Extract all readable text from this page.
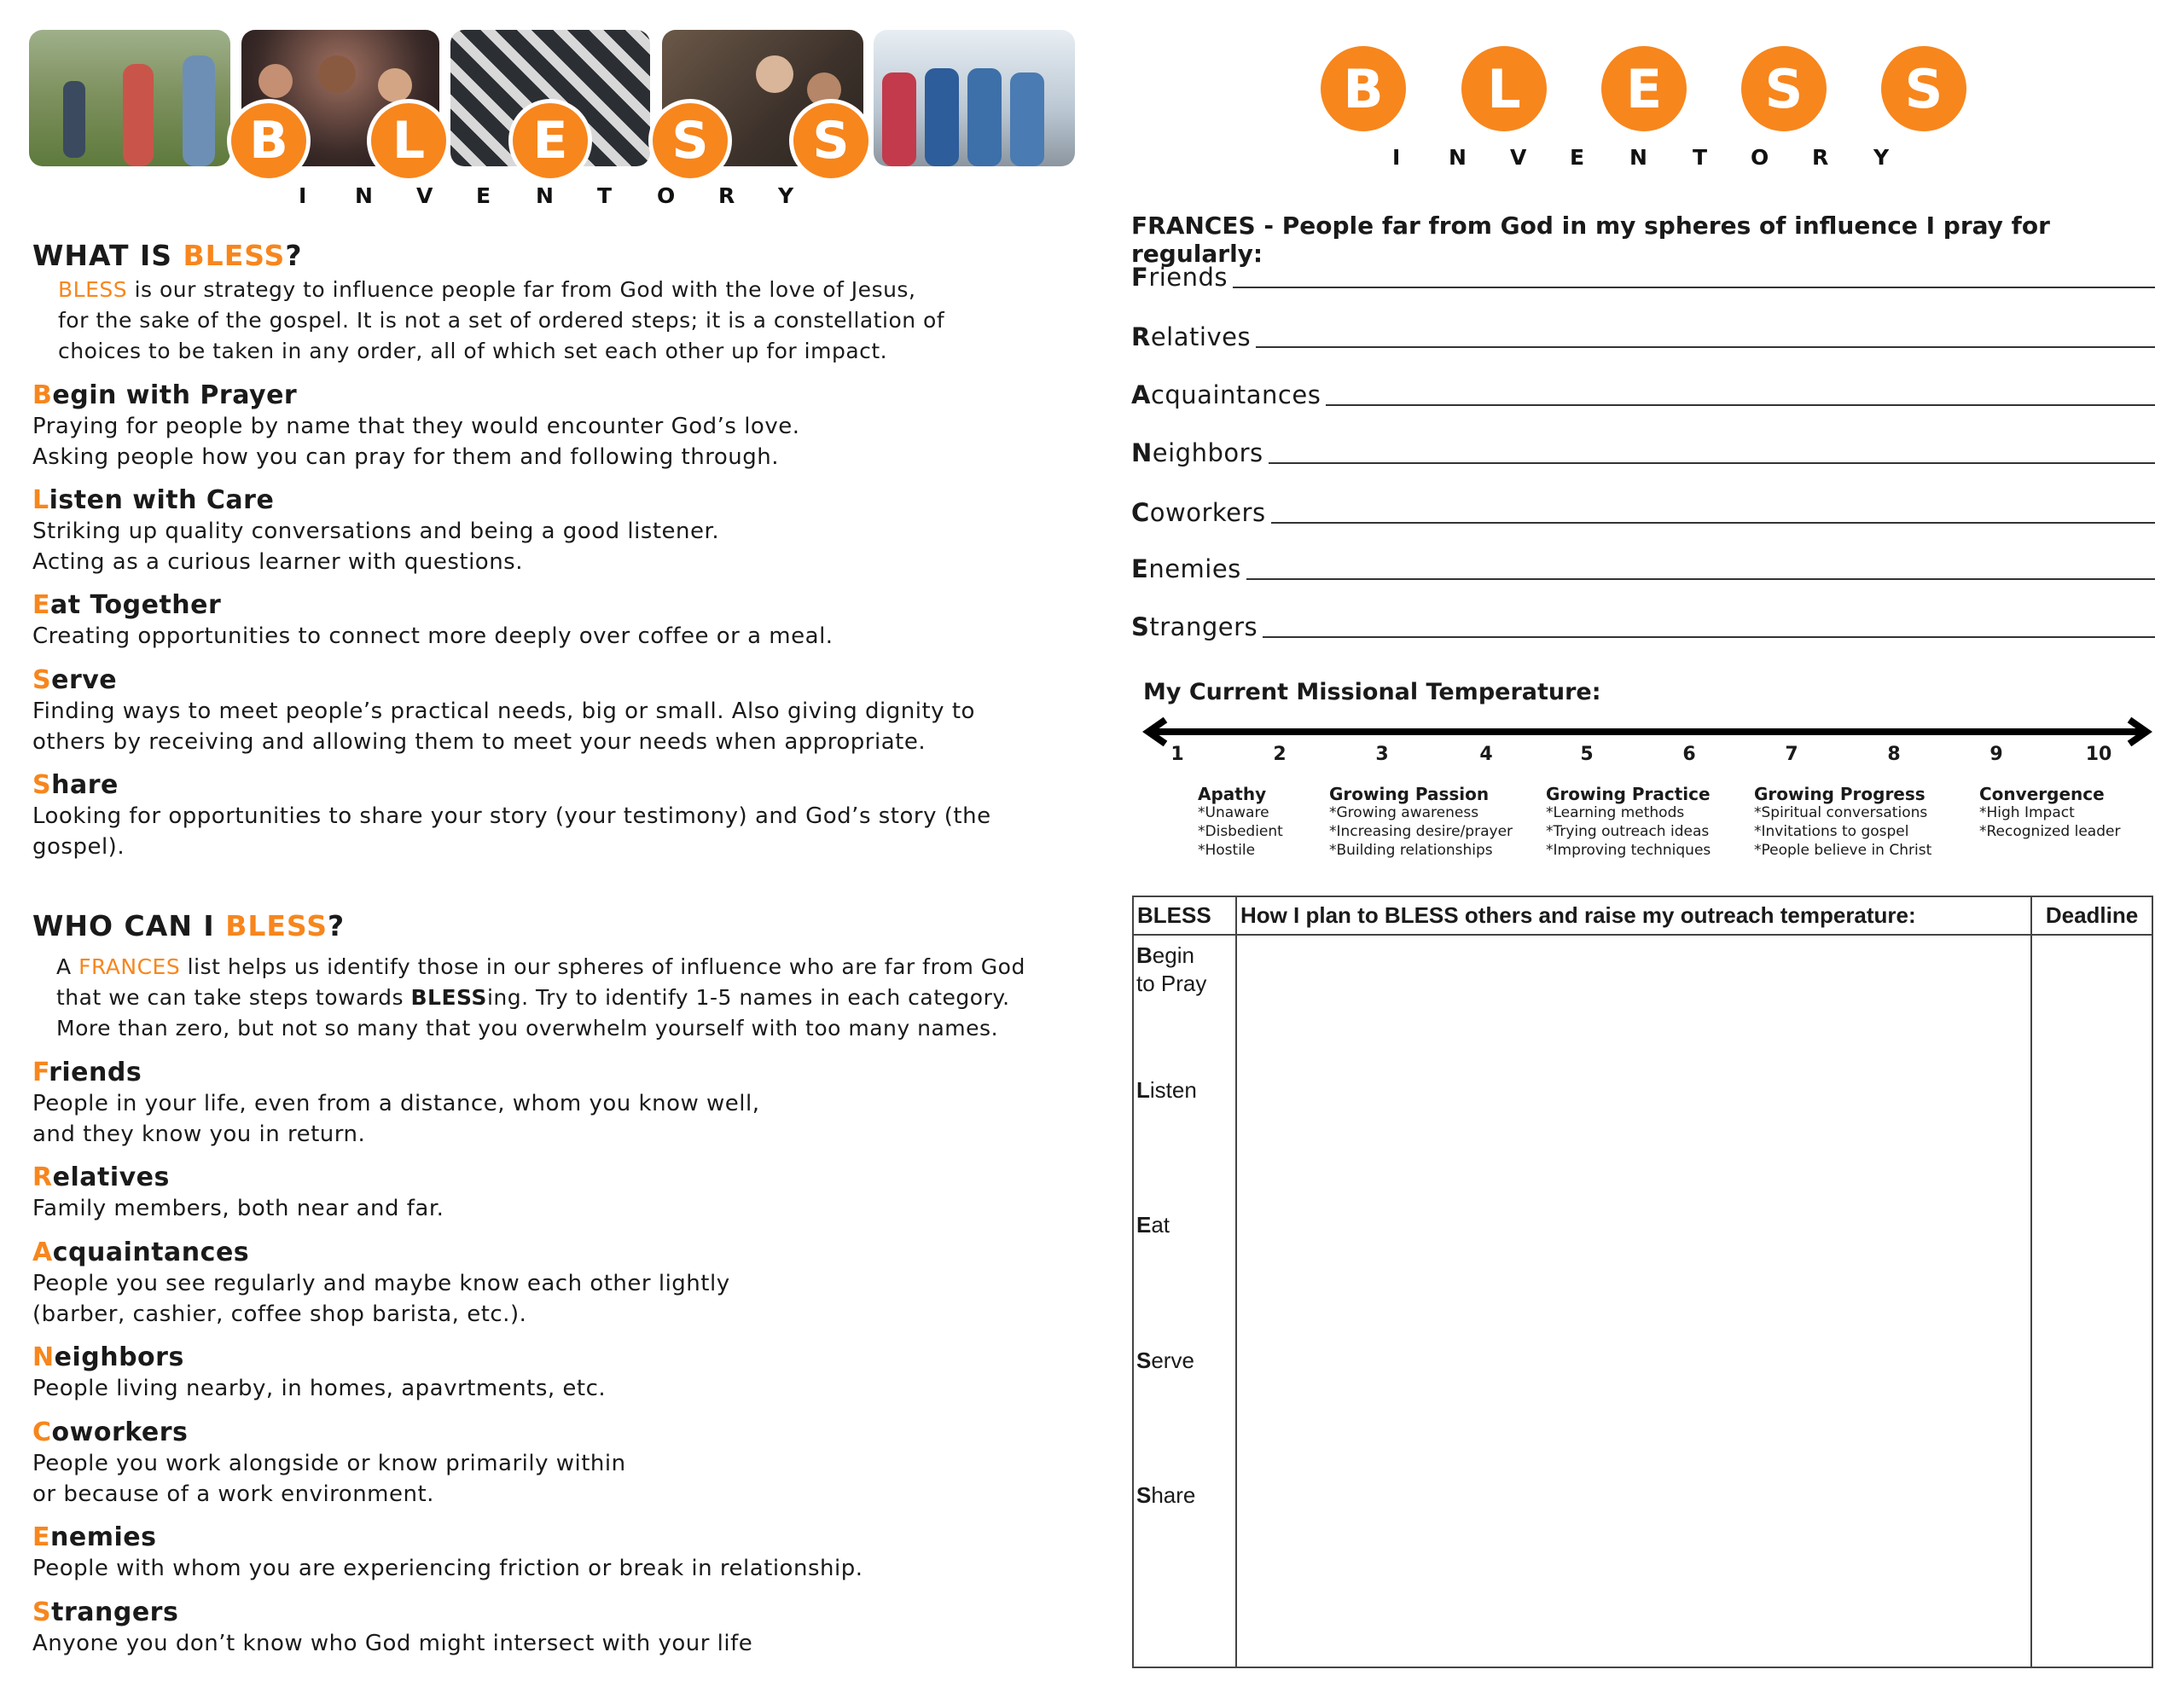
B	L	E	S	S
I N V E N T O R Y
WHAT IS BLESS?
BLESS is our strategy to influence people far from God with the love of Jesus,
for the sake of the gospel. It is not a set of ordered steps; it is a constellation of
choices to be taken in any order, all of which set each other up for impact.
Begin with Prayer
Praying for people by name that they would encounter God’s love.
Asking people how you can pray for them and following through.
Listen with Care
Striking up quality conversations and being a good listener.
Acting as a curious learner with questions.
Eat Together
Creating opportunities to connect more deeply over coffee or a meal.
Serve
Finding ways to meet people’s practical needs, big or small. Also giving dignity to
others by receiving and allowing them to meet your needs when appropriate.
Share
Looking for opportunities to share your story (your testimony) and God’s story (the
gospel).
WHO CAN I BLESS?
A FRANCES list helps us identify those in our spheres of influence who are far from God
that we can take steps towards BLESSing. Try to identify 1-5 names in each category.
More than zero, but not so many that you overwhelm yourself with too many names.
Friends
People in your life, even from a distance, whom you know well,
and they know you in return.
Relatives
Family members, both near and far.
Acquaintances
People you see regularly and maybe know each other lightly
(barber, cashier, coffee shop barista, etc.).
Neighbors
People living nearby, in homes, apavrtments, etc.
Coworkers
People you work alongside or know primarily within
or because of a work environment.
Enemies
People with whom you are experiencing friction or break in relationship.
Strangers
Anyone you don’t know who God might intersect with your life
B	L	E	S	S
I N V E N T O R Y
FRANCES - People far from God in my spheres of influence I pray for regularly:
Friends
Relatives
Acquaintances
Neighbors
Coworkers
Enemies
Strangers
My Current Missional Temperature:
1	2	3	4	5	6	7	8	9	10
Apathy
*Unaware
*Disbedient
*Hostile
Growing Passion
*Growing awareness
*Increasing desire/prayer
*Building relationships
Growing Practice
*Learning methods
*Trying outreach ideas
*Improving techniques
Growing Progress
*Spiritual conversations
*Invitations to gospel
*People believe in Christ
Convergence
*High Impact
*Recognized leader
BLESS	How I plan to BLESS others and raise my outreach temperature:	Deadline

Begin
to Pray
Listen
Eat
Serve
Share
